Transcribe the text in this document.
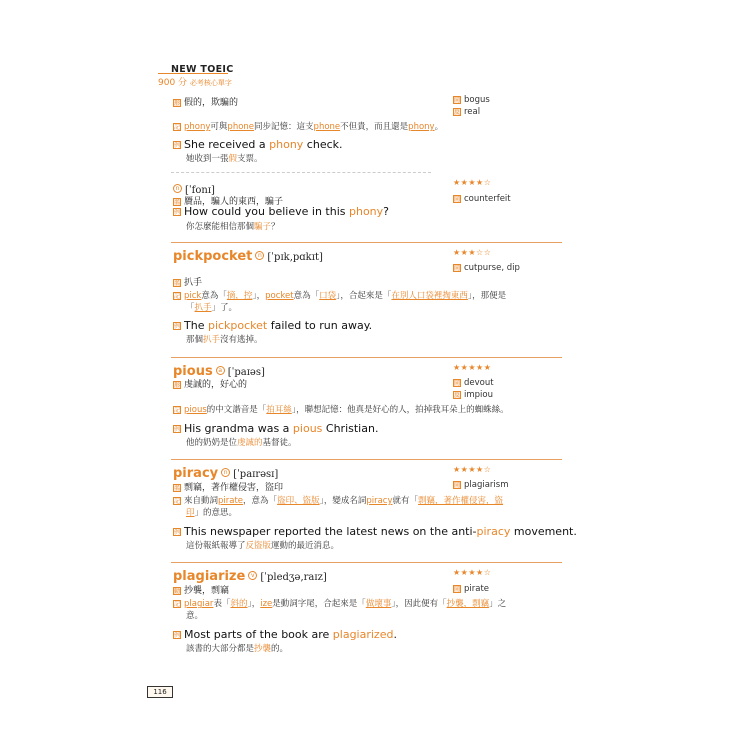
NEW TOEIC
900 分 必考核心單字
形 假的，欺騙的	同 bogus
反 real
記 phony可與phone同步記憶：這支phone不但貴，而且還是phony。
例 She received a phony check.
她收到一張假支票。
n [ˈfonɪ]
★★★★☆
名 贗品，騙人的東西，騙子	同 counterfeit
例 How could you believe in this phony?
你怎麼能相信那個騙子？
pickpocket n [ˈpɪk,pɑkɪt]	★★★☆☆
同 cutpurse, dip
名 扒手
記 pick意為「摘，控」，pocket意為「口袋」，合起來是「在別人口袋裡掏東西」，那便是
「扒手」了。
例 The pickpocket failed to run away.
那個扒手沒有逃掉。
pious a [ˈpaɪəs]	★★★★★
形 虔誠的，好心的	同 devout
反 impiou
記 pious的中文諧音是「拍耳絲」，聯想記憶：他真是好心的人，拍掉我耳朵上的蜘蛛絲。
例 His grandma was a pious Christian.
他的奶奶是位虔誠的基督徒。
piracy n [ˈpaɪrəsɪ]	★★★★☆
名 剽竊，著作權侵害，盜印	同 plagiarism
記 來自動詞pirate，意為「盜印、盜版」，變成名詞piracy就有「剽竊，著作權侵害，盜
印」的意思。
例 This newspaper reported the latest news on the anti-piracy movement.
這份報紙報導了反盜版運動的最近消息。
plagiarize v [ˈpledʒə,raɪz]	★★★★☆
動 抄襲，剽竊	同 pirate
記 plagiar表「斜的」，ize是動詞字尾，合起來是「做壞事」，因此便有「抄襲，剽竊」之
意。
例 Most parts of the book are plagiarized.
該書的大部分都是抄襲的。
116
